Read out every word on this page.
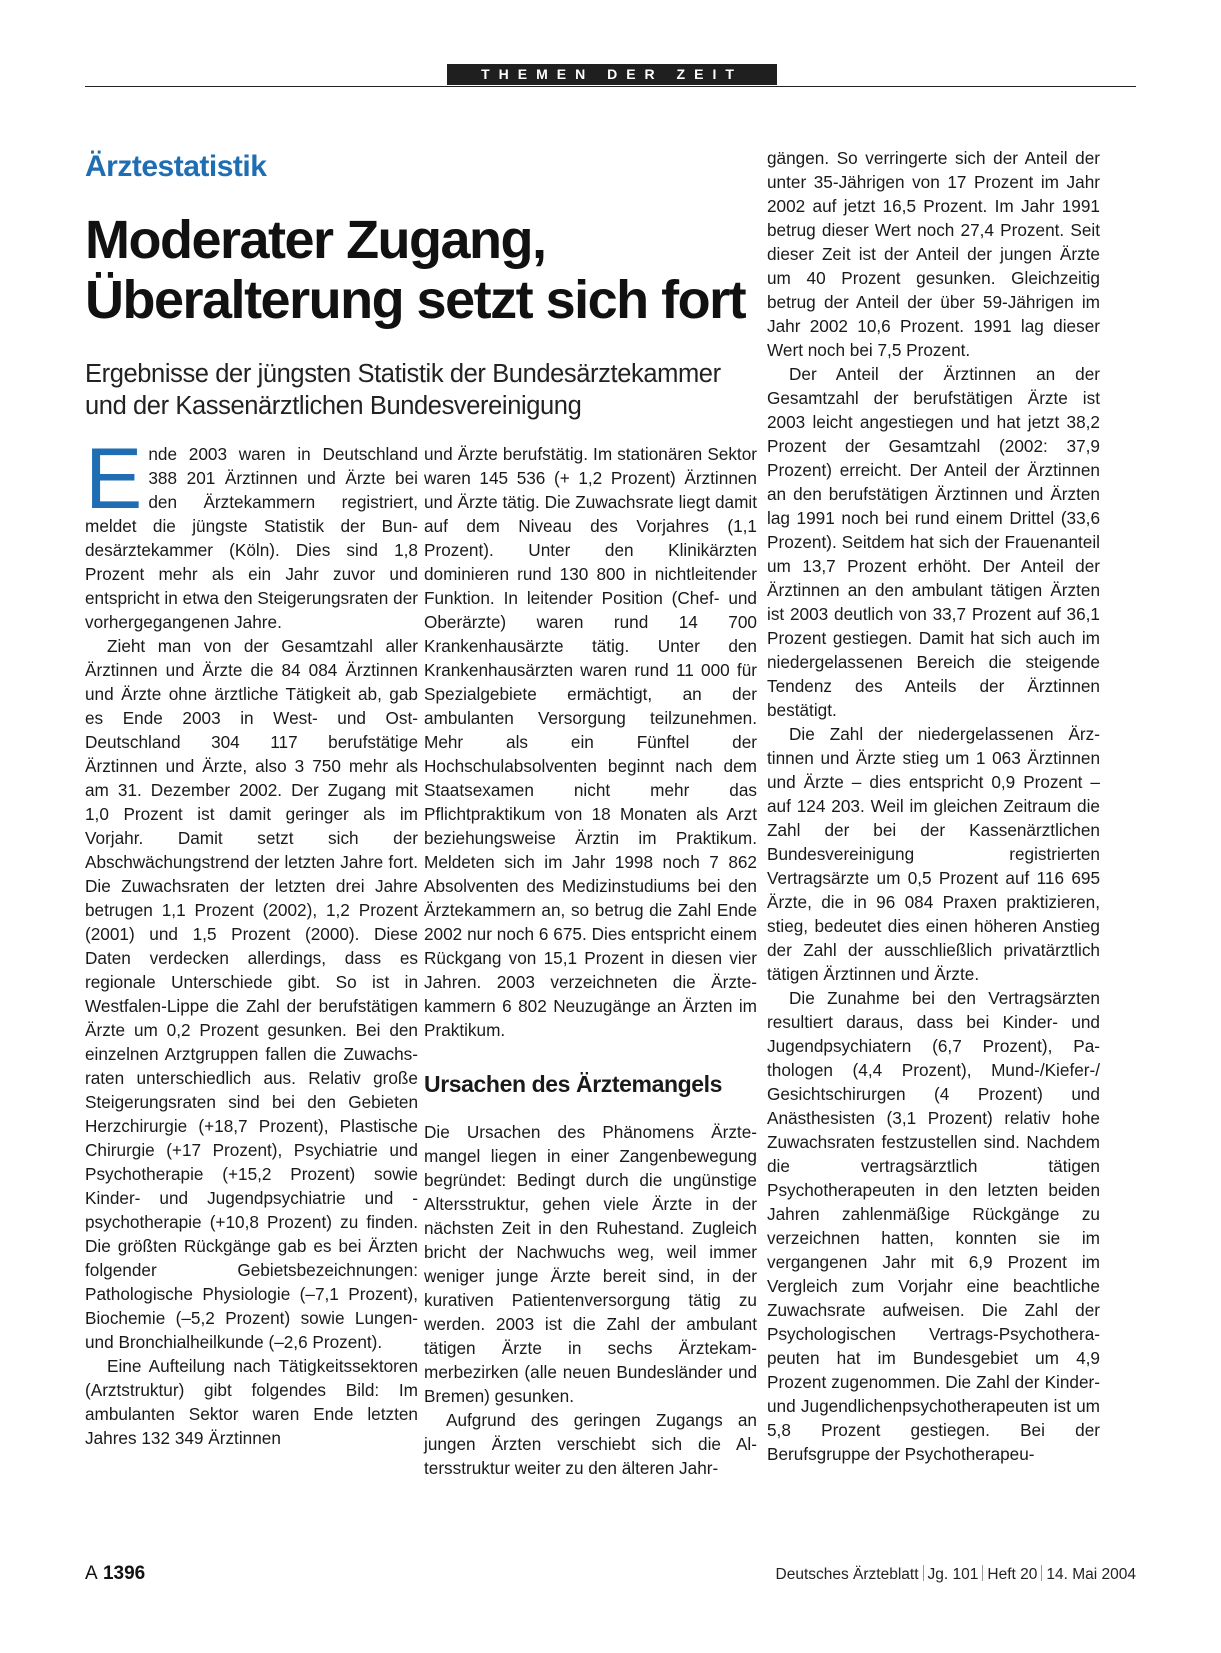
THEMEN DER ZEIT
Ärztestatistik
Moderater Zugang,
Überalterung setzt sich fort
Ergebnisse der jüngsten Statistik der Bundesärztekammer
und der Kassenärztlichen Bundesvereinigung

Ende 2003 waren in Deutschland 388 201 Ärztinnen und Ärzte bei den Ärztekammern registriert, meldet die jüngste Statistik der Bundesärztekammer (Köln). Dies sind 1,8 Prozent mehr als ein Jahr zuvor und entspricht in etwa den Steigerungsraten der vorhergegangenen Jahre.

Zieht man von der Gesamtzahl aller Ärztinnen und Ärzte die 84 084 Ärztinnen und Ärzte ohne ärztliche Tätigkeit ab, gab es Ende 2003 in West- und Ost-Deutschland 304 117 berufstätige Ärztinnen und Ärzte, also 3 750 mehr als am 31. Dezember 2002. Der Zugang mit 1,0 Prozent ist damit geringer als im Vorjahr. Damit setzt sich der Abschwächungstrend der letzten Jahre fort. Die Zuwachsraten der letzten drei Jahre betrugen 1,1 Prozent (2002), 1,2 Prozent (2001) und 1,5 Prozent (2000). Diese Daten verdecken allerdings, dass es regionale Unterschiede gibt. So ist in Westfalen-Lippe die Zahl der berufstätigen Ärzte um 0,2 Prozent gesunken. Bei den einzelnen Arztgruppen fallen die Zuwachsraten unterschiedlich aus. Relativ große Steigerungsraten sind bei den Gebieten Herzchirurgie (+18,7 Prozent), Plastische Chirurgie (+17 Prozent), Psychiatrie und Psychotherapie (+15,2 Prozent) sowie Kinder- und Jugendpsychiatrie und -psychotherapie (+10,8 Prozent) zu finden. Die größten Rückgänge gab es bei Ärzten folgender Gebietsbezeichnungen: Pathologische Physiologie (–7,1 Prozent), Biochemie (–5,2 Prozent) sowie Lungen- und Bronchialheilkunde (–2,6 Prozent).

Eine Aufteilung nach Tätigkeitssektoren (Arztstruktur) gibt folgendes Bild: Im ambulanten Sektor waren Ende letzten Jahres 132 349 Ärztinnen

und Ärzte berufstätig. Im stationären Sektor waren 145 536 (+ 1,2 Prozent) Ärztinnen und Ärzte tätig. Die Zuwachsrate liegt damit auf dem Niveau des Vorjahres (1,1 Prozent). Unter den Klinikärzten dominieren rund 130 800 in nichtleitender Funktion. In leitender Position (Chef- und Oberärzte) waren rund 14 700 Krankenhausärzte tätig. Unter den Krankenhausärzten waren rund 11 000 für Spezialgebiete ermächtigt, an der ambulanten Versorgung teilzunehmen. Mehr als ein Fünftel der Hochschulabsolventen beginnt nach dem Staatsexamen nicht mehr das Pflichtpraktikum von 18 Monaten als Arzt beziehungsweise Ärztin im Praktikum. Meldeten sich im Jahr 1998 noch 7 862 Absolventen des Medizinstudiums bei den Ärztekammern an, so betrug die Zahl Ende 2002 nur noch 6 675. Dies entspricht einem Rückgang von 15,1 Prozent in diesen vier Jahren. 2003 verzeichneten die Ärztekammern 6 802 Neuzugänge an Ärzten im Praktikum.

Ursachen des Ärztemangels

Die Ursachen des Phänomens Ärztemangel liegen in einer Zangenbewegung begründet: Bedingt durch die ungünstige Altersstruktur, gehen viele Ärzte in der nächsten Zeit in den Ruhestand. Zugleich bricht der Nachwuchs weg, weil immer weniger junge Ärzte bereit sind, in der kurativen Patientenversorgung tätig zu werden. 2003 ist die Zahl der ambulant tätigen Ärzte in sechs Ärztekammerbezirken (alle neuen Bundesländer und Bremen) gesunken.

Aufgrund des geringen Zugangs an jungen Ärzten verschiebt sich die Altersstruktur weiter zu den älteren Jahr-

gängen. So verringerte sich der Anteil der unter 35-Jährigen von 17 Prozent im Jahr 2002 auf jetzt 16,5 Prozent. Im Jahr 1991 betrug dieser Wert noch 27,4 Prozent. Seit dieser Zeit ist der Anteil der jungen Ärzte um 40 Prozent gesunken. Gleichzeitig betrug der Anteil der über 59-Jährigen im Jahr 2002 10,6 Prozent. 1991 lag dieser Wert noch bei 7,5 Prozent.

Der Anteil der Ärztinnen an der Gesamtzahl der berufstätigen Ärzte ist 2003 leicht angestiegen und hat jetzt 38,2 Prozent der Gesamtzahl (2002: 37,9 Prozent) erreicht. Der Anteil der Ärztinnen an den berufstätigen Ärztinnen und Ärzten lag 1991 noch bei rund einem Drittel (33,6 Prozent). Seitdem hat sich der Frauenanteil um 13,7 Prozent erhöht. Der Anteil der Ärztinnen an den ambulant tätigen Ärzten ist 2003 deutlich von 33,7 Prozent auf 36,1 Prozent gestiegen. Damit hat sich auch im niedergelassenen Bereich die steigende Tendenz des Anteils der Ärztinnen bestätigt.

Die Zahl der niedergelassenen Ärztinnen und Ärzte stieg um 1 063 Ärztinnen und Ärzte – dies entspricht 0,9 Prozent – auf 124 203. Weil im gleichen Zeitraum die Zahl der bei der Kassenärztlichen Bundesvereinigung registrierten Vertragsärzte um 0,5 Prozent auf 116 695 Ärzte, die in 96 084 Praxen praktizieren, stieg, bedeutet dies einen höheren Anstieg der Zahl der ausschließlich privatärztlich tätigen Ärztinnen und Ärzte.

Die Zunahme bei den Vertragsärzten resultiert daraus, dass bei Kinder- und Jugendpsychiatern (6,7 Prozent), Pathologen (4,4 Prozent), Mund-/Kiefer-/ Gesichtschirurgen (4 Prozent) und Anästhesisten (3,1 Prozent) relativ hohe Zuwachsraten festzustellen sind. Nachdem die vertragsärztlich tätigen Psychotherapeuten in den letzten beiden Jahren zahlenmäßige Rückgänge zu verzeichnen hatten, konnten sie im vergangenen Jahr mit 6,9 Prozent im Vergleich zum Vorjahr eine beachtliche Zuwachsrate aufweisen. Die Zahl der Psychologischen Vertrags-Psychotherapeuten hat im Bundesgebiet um 4,9 Prozent zugenommen. Die Zahl der Kinder- und Jugendlichenpsychotherapeuten ist um 5,8 Prozent gestiegen. Bei der Berufsgruppe der Psychotherapeu-

A 1396	Deutsches Ärzteblatt Jg. 101 Heft 20 14. Mai 2004
